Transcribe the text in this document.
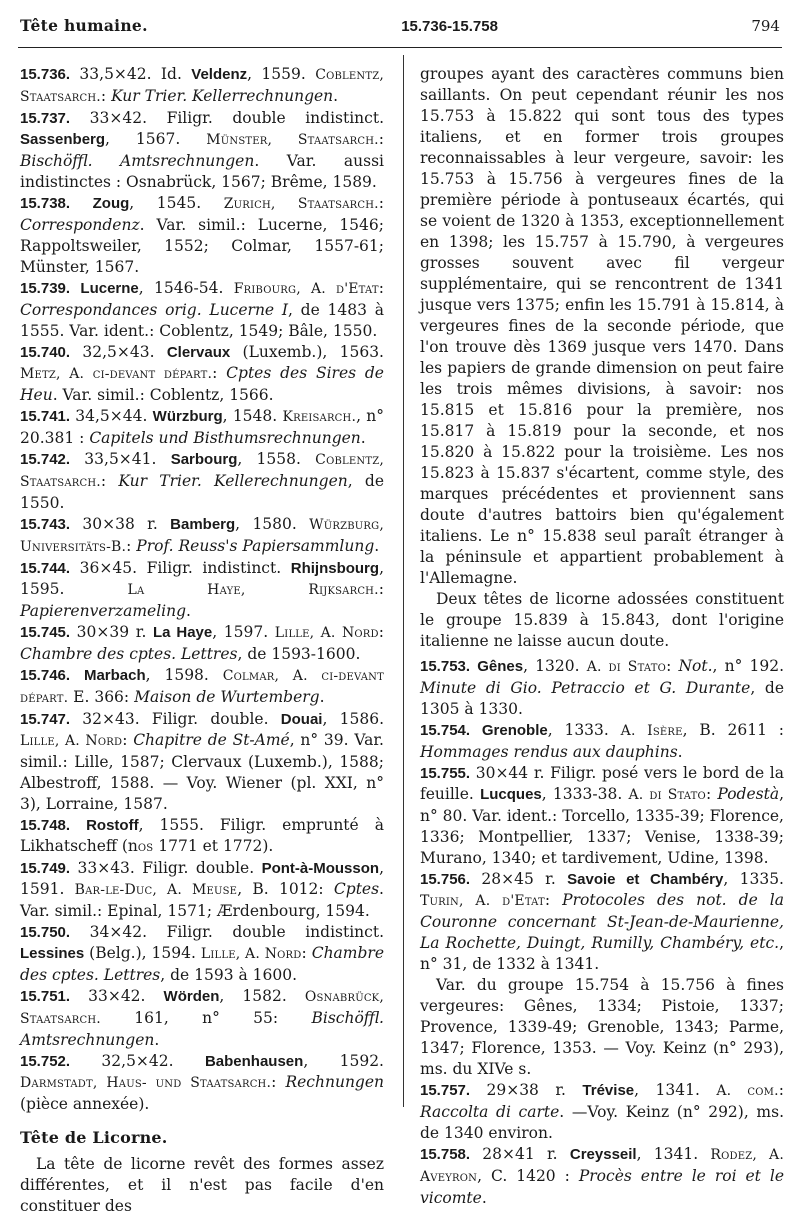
Tête humaine.	15.736-15.758	794
15.736. 33,5×42. Id. Veldenz, 1559. Coblentz, Staatsarch.: Kur Trier. Kellerrechnungen.
15.737. 33×42. Filigr. double indistinct. Sassenberg, 1567. Münster, Staatsarch.: Bischöffl. Amtsrechnungen. Var. aussi indistinctes : Osnabrück, 1567; Brême, 1589.
15.738. Zoug, 1545. Zurich, Staatsarch.: Correspondenz. Var. simil.: Lucerne, 1546; Rappoltsweiler, 1552; Colmar, 1557-61; Münster, 1567.
15.739. Lucerne, 1546-54. Fribourg, A. d'Etat: Correspondances orig. Lucerne I, de 1483 à 1555. Var. ident.: Coblentz, 1549; Bâle, 1550.
15.740. 32,5×43. Clervaux (Luxemb.), 1563. Metz, A. ci-devant départ.: Cptes des Sires de Heu. Var. simil.: Coblentz, 1566.
15.741. 34,5×44. Würzburg, 1548. Kreisarch., n° 20.381 : Capitels und Bisthumsrechnungen.
15.742. 33,5×41. Sarbourg, 1558. Coblentz, Staatsarch.: Kur Trier. Kellerechnungen, de 1550.
15.743. 30×38 r. Bamberg, 1580. Würzburg, Universitäts-B.: Prof. Reuss's Papiersammlung.
15.744. 36×45. Filigr. indistinct. Rhijnsbourg, 1595. La Haye, Rijksarch.: Papierenverzameling.
15.745. 30×39 r. La Haye, 1597. Lille, A. Nord: Chambre des cptes. Lettres, de 1593-1600.
15.746. Marbach, 1598. Colmar, A. ci-devant départ. E. 366: Maison de Wurtemberg.
15.747. 32×43. Filigr. double. Douai, 1586. Lille, A. Nord: Chapitre de St-Amé, n° 39. Var. simil.: Lille, 1587; Clervaux (Luxemb.), 1588; Albestroff, 1588. — Voy. Wiener (pl. XXI, n° 3), Lorraine, 1587.
15.748. Rostoff, 1555. Filigr. emprunté à Likhatscheff (nos 1771 et 1772).
15.749. 33×43. Filigr. double. Pont-à-Mousson, 1591. Bar-le-Duc, A. Meuse, B. 1012: Cptes. Var. simil.: Epinal, 1571; Ærdenbourg, 1594.
15.750. 34×42. Filigr. double indistinct. Lessines (Belg.), 1594. Lille, A. Nord: Chambre des cptes. Lettres, de 1593 à 1600.
15.751. 33×42. Wörden, 1582. Osnabrück, Staatsarch. 161, n° 55: Bischöffl. Amtsrechnungen.
15.752. 32,5×42. Babenhausen, 1592. Darmstadt, Haus- und Staatsarch.: Rechnungen (pièce annexée).
Tête de Licorne.
La tête de licorne revêt des formes assez différentes, et il n'est pas facile d'en constituer des
groupes ayant des caractères communs bien saillants. On peut cependant réunir les nos 15.753 à 15.822 qui sont tous des types italiens, et en former trois groupes reconnaissables à leur vergeure, savoir: les 15.753 à 15.756 à vergeures fines de la première période à pontuseaux écartés, qui se voient de 1320 à 1353, exceptionnellement en 1398; les 15.757 à 15.790, à vergeures grosses souvent avec fil vergeur supplémentaire, qui se rencontrent de 1341 jusque vers 1375; enfin les 15.791 à 15.814, à vergeures fines de la seconde période, que l'on trouve dès 1369 jusque vers 1470. Dans les papiers de grande dimension on peut faire les trois mêmes divisions, à savoir: nos 15.815 et 15.816 pour la première, nos 15.817 à 15.819 pour la seconde, et nos 15.820 à 15.822 pour la troisième. Les nos 15.823 à 15.837 s'écartent, comme style, des marques précédentes et proviennent sans doute d'autres battoirs bien qu'également italiens. Le n° 15.838 seul paraît étranger à la péninsule et appartient probablement à l'Allemagne.
Deux têtes de licorne adossées constituent le groupe 15.839 à 15.843, dont l'origine italienne ne laisse aucun doute.
15.753. Gênes, 1320. A. di Stato: Not., n° 192. Minute di Gio. Petraccio et G. Durante, de 1305 à 1330.
15.754. Grenoble, 1333. A. Isère, B. 2611 : Hommages rendus aux dauphins.
15.755. 30×44 r. Filigr. posé vers le bord de la feuille. Lucques, 1333-38. A. di Stato: Podestà, n° 80. Var. ident.: Torcello, 1335-39; Florence, 1336; Montpellier, 1337; Venise, 1338-39; Murano, 1340; et tardivement, Udine, 1398.
15.756. 28×45 r. Savoie et Chambéry, 1335. Turin, A. d'Etat: Protocoles des not. de la Couronne concernant St-Jean-de-Maurienne, La Rochette, Duingt, Rumilly, Chambéry, etc., n° 31, de 1332 à 1341.
Var. du groupe 15.754 à 15.756 à fines vergeures: Gênes, 1334; Pistoie, 1337; Provence, 1339-49; Grenoble, 1343; Parme, 1347; Florence, 1353. — Voy. Keinz (n° 293), ms. du XIVe s.
15.757. 29×38 r. Trévise, 1341. A. com.: Raccolta di carte. —Voy. Keinz (n° 292), ms. de 1340 environ.
15.758. 28×41 r. Creysseil, 1341. Rodez, A. Aveyron, C. 1420 : Procès entre le roi et le vicomte.
